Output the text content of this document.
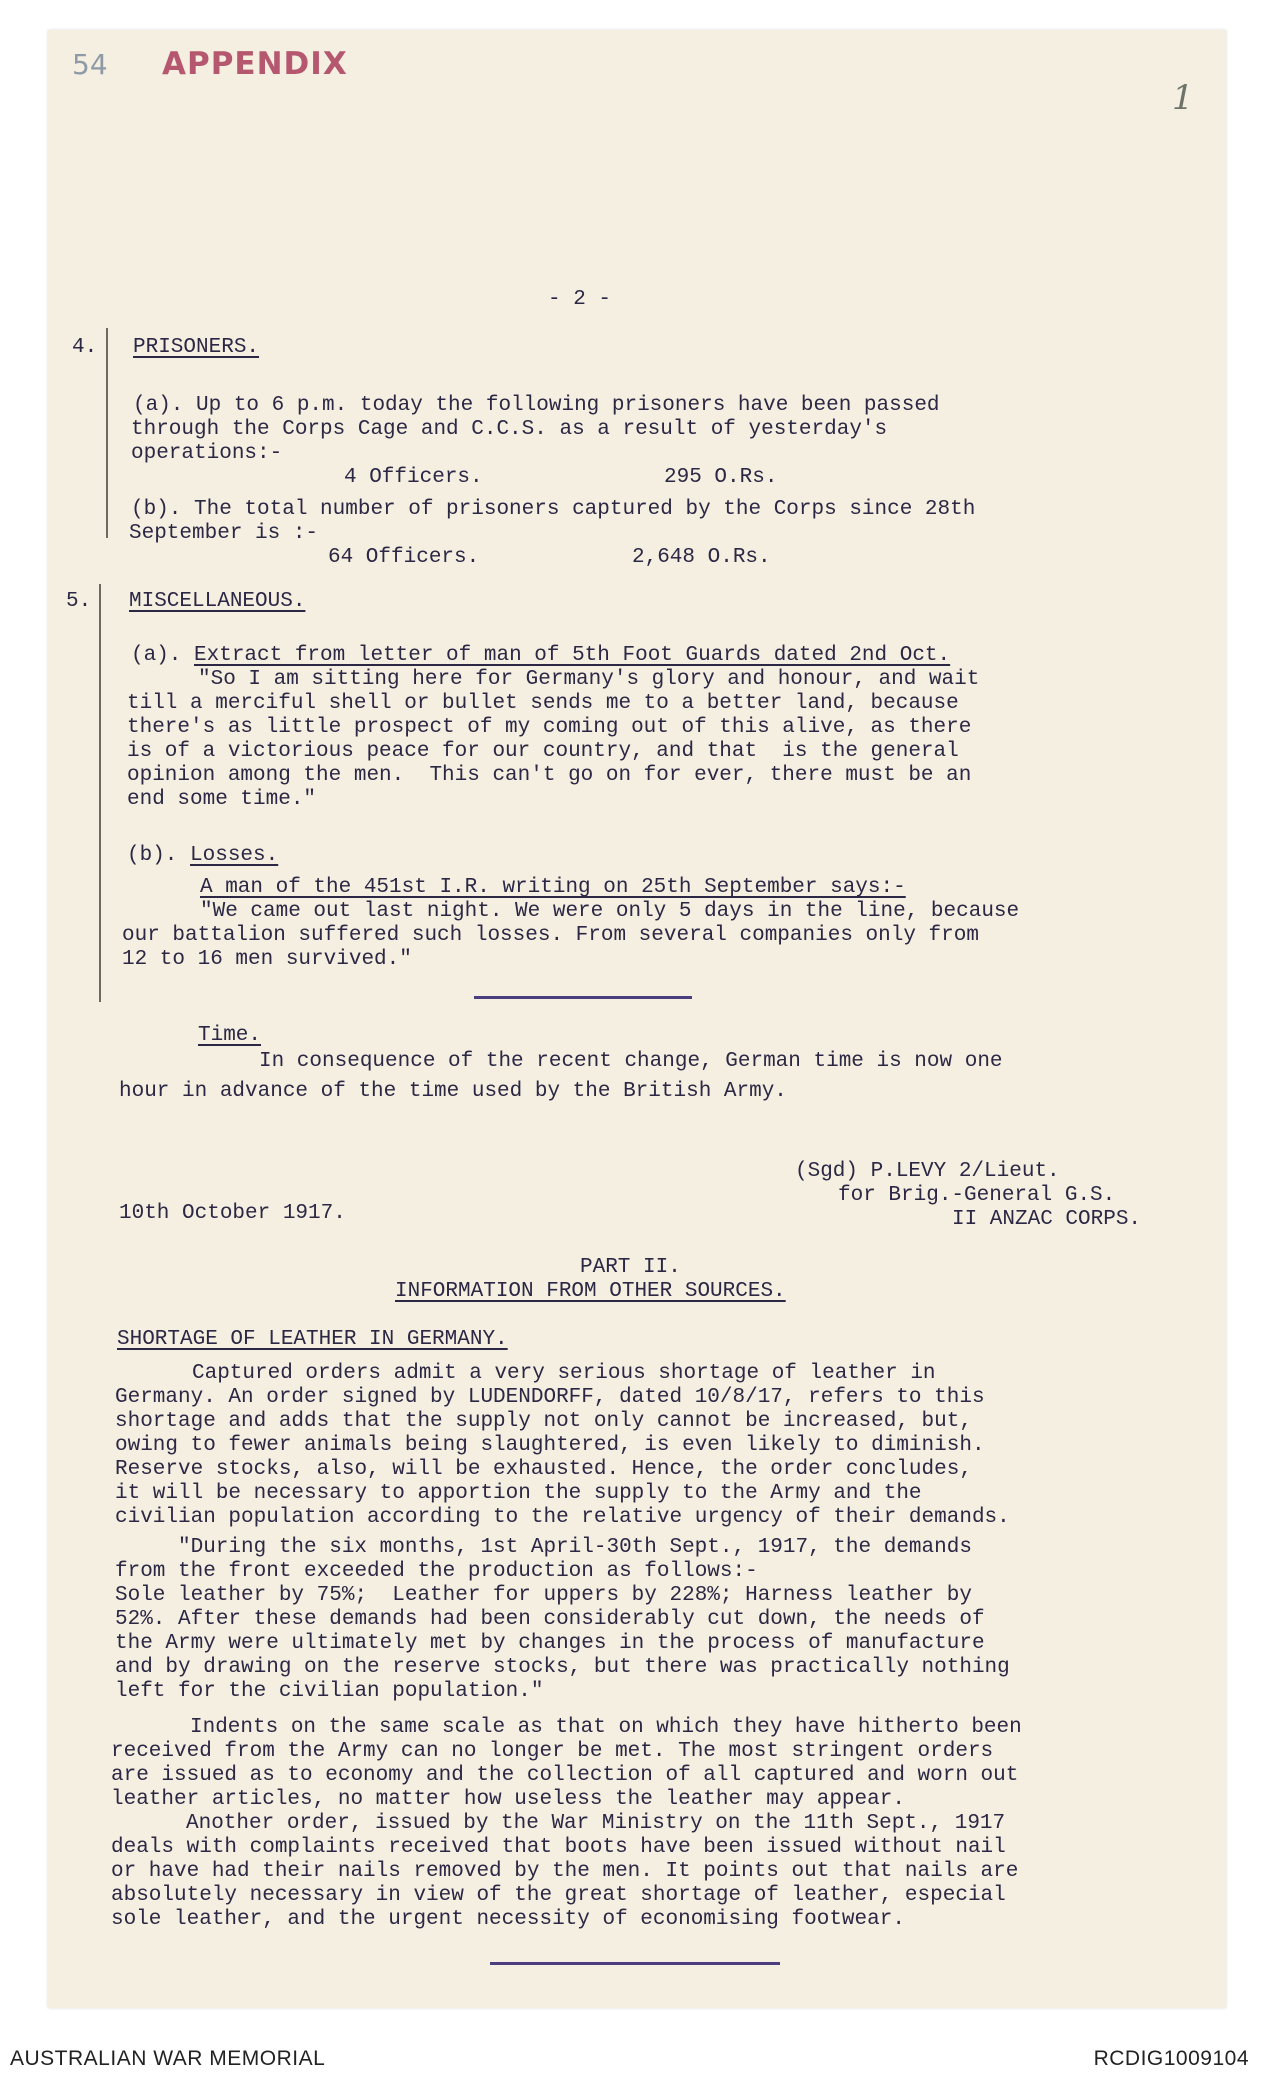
54 APPENDIX
1
- 2 -
4. PRISONERS.
(a). Up to 6 p.m. today the following prisoners have been passed
through the Corps Cage and C.C.S. as a result of yesterday's
operations:-
4 Officers.	295 O.Rs.
(b). The total number of prisoners captured by the Corps since 28th
September is :-
64 Officers.	2,648 O.Rs.
5. MISCELLANEOUS.
(a). Extract from letter of man of 5th Foot Guards dated 2nd Oct.
"So I am sitting here for Germany's glory and honour, and wait
till a merciful shell or bullet sends me to a better land, because
there's as little prospect of my coming out of this alive, as there
is of a victorious peace for our country, and that  is the general
opinion among the men.  This can't go on for ever, there must be an
end some time."
(b). Losses.
A man of the 451st I.R. writing on 25th September says:-
"We came out last night. We were only 5 days in the line, because
our battalion suffered such losses. From several companies only from
12 to 16 men survived."
Time.
In consequence of the recent change, German time is now one
hour in advance of the time used by the British Army.
(Sgd) P.LEVY 2/Lieut.
for Brig.-General G.S.
II ANZAC CORPS.
10th October 1917.
PART II.
INFORMATION FROM OTHER SOURCES.
SHORTAGE OF LEATHER IN GERMANY.
Captured orders admit a very serious shortage of leather in
Germany. An order signed by LUDENDORFF, dated 10/8/17, refers to this
shortage and adds that the supply not only cannot be increased, but,
owing to fewer animals being slaughtered, is even likely to diminish.
Reserve stocks, also, will be exhausted. Hence, the order concludes,
it will be necessary to apportion the supply to the Army and the
civilian population according to the relative urgency of their demands.
"During the six months, 1st April-30th Sept., 1917, the demands
from the front exceeded the production as follows:-
Sole leather by 75%;  Leather for uppers by 228%; Harness leather by
52%. After these demands had been considerably cut down, the needs of
the Army were ultimately met by changes in the process of manufacture
and by drawing on the reserve stocks, but there was practically nothing
left for the civilian population."
Indents on the same scale as that on which they have hitherto been
received from the Army can no longer be met. The most stringent orders
are issued as to economy and the collection of all captured and worn out
leather articles, no matter how useless the leather may appear.
Another order, issued by the War Ministry on the 11th Sept., 1917
deals with complaints received that boots have been issued without nail
or have had their nails removed by the men. It points out that nails are
absolutely necessary in view of the great shortage of leather, especial
sole leather, and the urgent necessity of economising footwear.
AUSTRALIAN WAR MEMORIAL	RCDIG1009104
